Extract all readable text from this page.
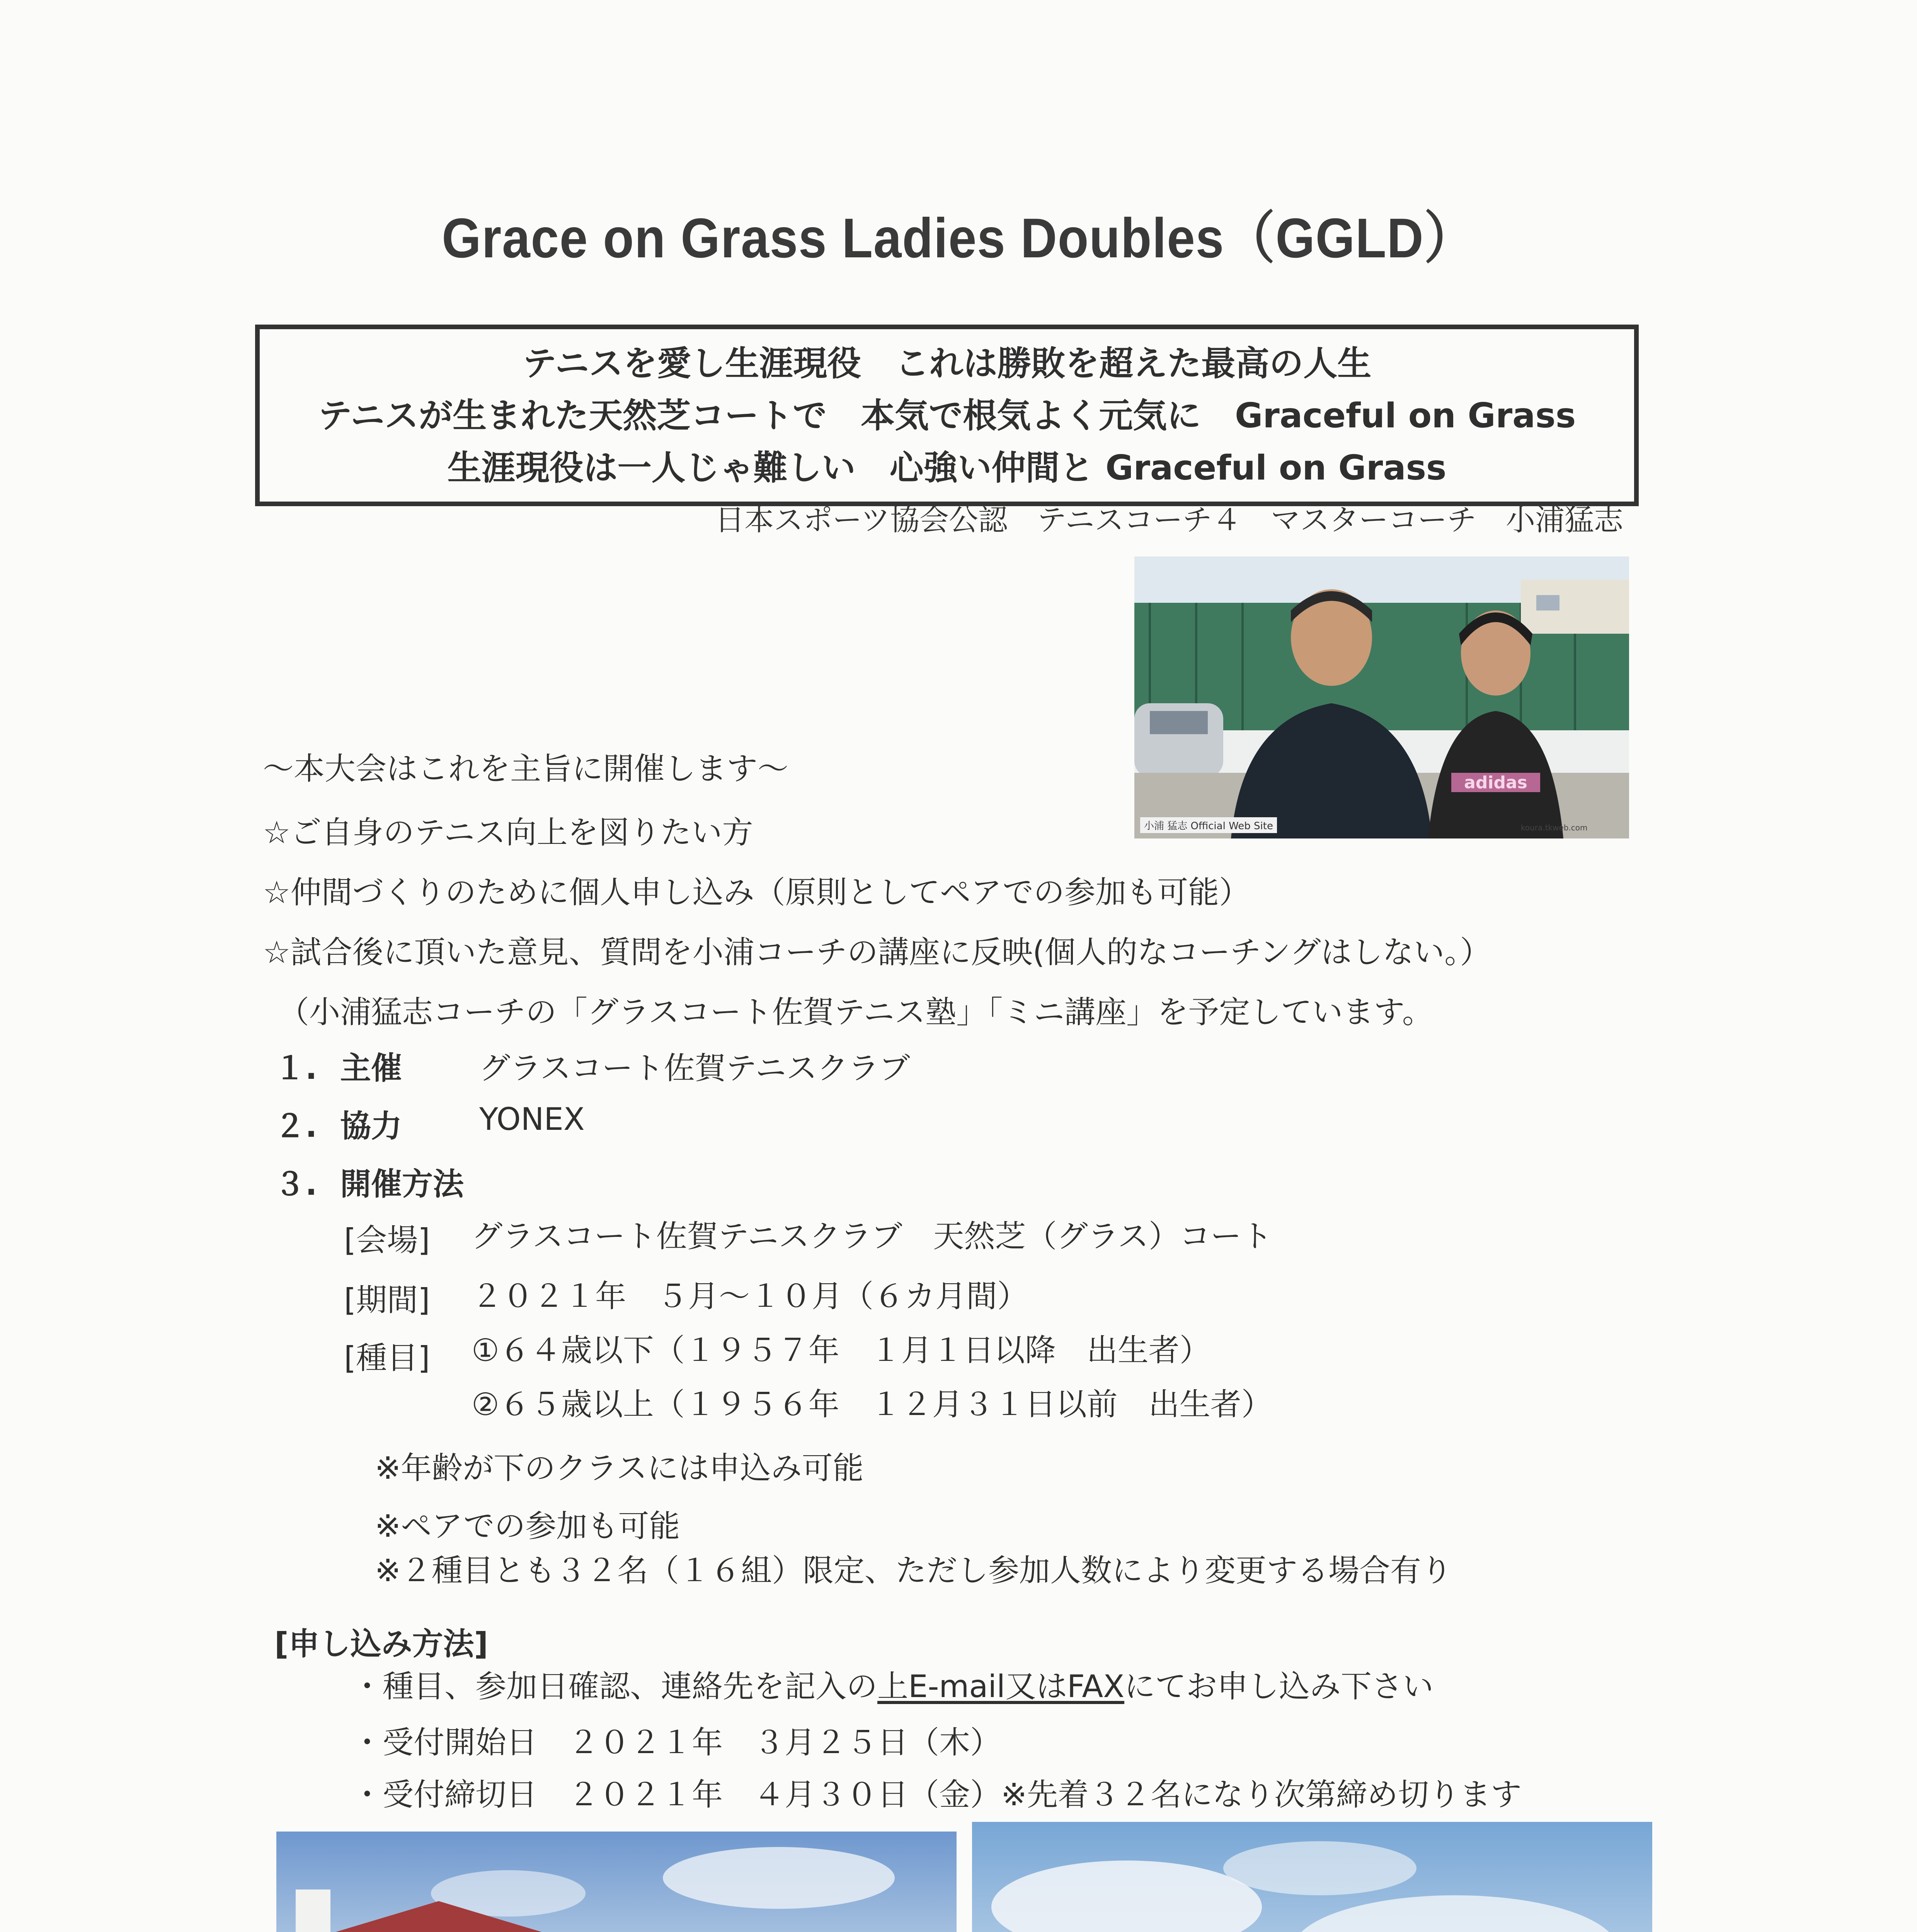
Grace on Grass Ladies Doubles（GGLD）
テニスを愛し生涯現役　これは勝敗を超えた最高の人生
テニスが生まれた天然芝コートで　本気で根気よく元気に　Graceful on Grass
生涯現役は一人じゃ難しい　心強い仲間と Graceful on Grass
日本スポーツ協会公認　テニスコーチ４　マスターコーチ　小浦猛志
小浦 猛志 Official Web Site
adidas
koura.tkweb.com
～本大会はこれを主旨に開催します～
☆ご自身のテニス向上を図りたい方
☆仲間づくりのために個人申し込み（原則としてペアでの参加も可能）
☆試合後に頂いた意見、質問を小浦コーチの講座に反映(個人的なコーチングはしない。）
（小浦猛志コーチの「グラスコート佐賀テニス塾」「ミニ講座」を予定しています。
１. 主催	グラスコート佐賀テニスクラブ
２. 協力	YONEX
３. 開催方法
[会場] グラスコート佐賀テニスクラブ　天然芝（グラス）コート
[期間] ２０２１年　５月～１０月（６カ月間）
[種目] ①６４歳以下（１９５７年　１月１日以降　出生者）
②６５歳以上（１９５６年　１２月３１日以前　出生者）
※年齢が下のクラスには申込み可能
※ペアでの参加も可能
※２種目とも３２名（１６組）限定、ただし参加人数により変更する場合有り
[申し込み方法]
・種目、参加日確認、連絡先を記入の上E-mail又はFAXにてお申し込み下さい
・受付開始日　２０２１年　３月２５日（木）
・受付締切日　２０２１年　４月３０日（金）※先着３２名になり次第締め切ります
